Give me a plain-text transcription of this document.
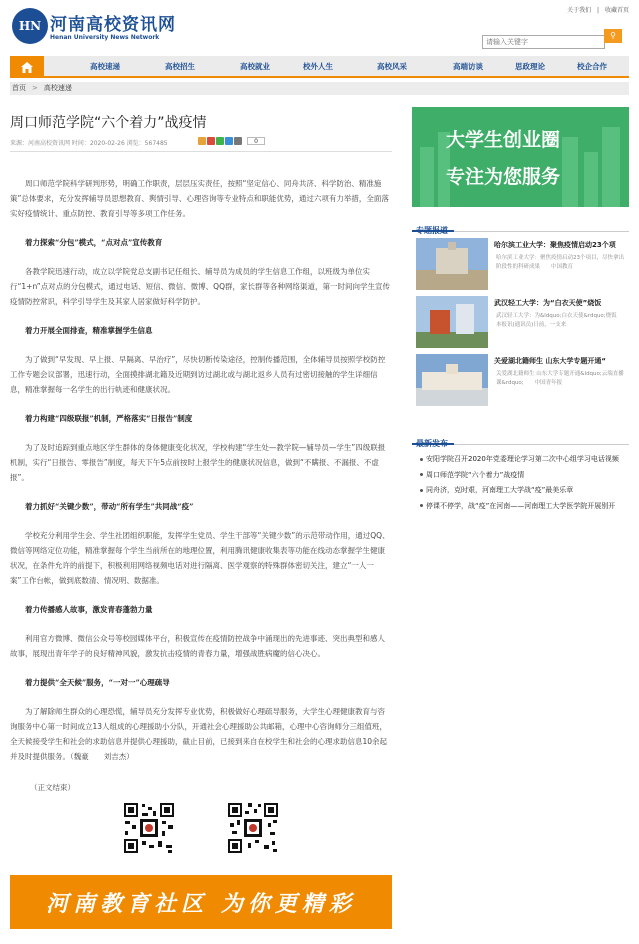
关于我们 | 收藏首页
HN 河南高校资讯网
Henan University News Network
请输入关键字	⚲
高校速递	高校招生	高校就业	校外人生	高校风采	高端访谈	思政理论	校企合作
首页 > 高校速递
周口师范学院“六个着力”战疫情
来源：河南高校资讯网 时间：2020-02-26 浏览：567485	0

周口师范学院科学研判形势，明确工作职责，层层压实责任，按照“坚定信心、同舟共济、科学防治、精准施策”总体要求，充分发挥辅导员思想教育、舆情引导、心理咨询等专业特点和职能优势，通过六项有力举措，全面落实好疫情统计、重点防控、教育引导等多项工作任务。

着力探索“分包”模式，“点对点”宣传教育

各教学院迅速行动，成立以学院党总支副书记任组长、辅导员为成员的学生信息工作组，以班级为单位实行“1+n”点对点的分包模式，通过电话、短信、微信、微博、QQ群，家长群等各种网络渠道，第一时间向学生宣传疫情防控常识，科学引导学生及其家人居家做好科学防护。

着力开展全面排查，精准掌握学生信息

为了做到“早发现、早上报、早隔离、早治疗”，尽快切断传染途径，控制传播范围，全体辅导员按照学校防控工作专题会议部署，迅速行动，全面摸排湖北籍及近期到访过湖北或与湖北返乡人员有过密切接触的学生详细信息，精准掌握每一名学生的出行轨迹和健康状况。

着力构建“四级联报”机制，严格落实“日报告”制度

为了及时追踪到重点地区学生群体的身体健康变化状况，学校构建“学生处—教学院—辅导员—学生”四级联报机制，实行“日报告、零报告”制度，每天下午5点前按时上报学生的健康状况信息，做到“不瞒报、不漏报、不虚报”。

着力抓好“关键少数”，带动“所有学生”共同战“疫”

学校充分利用学生会、学生社团组织职能，发挥学生党员、学生干部等“关键少数”的示范带动作用，通过QQ、微信等网络定位功能，精准掌握每个学生当前所在的地理位置，利用腾讯健康收集表等功能在线动态掌握学生健康状况，在条件允许的前提下，积极利用网络视频电话对进行隔离、医学观察的特殊群体密切关注，建立“一人一案”工作台帐，做到底数清、情况明、数据准。

着力传播感人故事，激发青春蓬勃力量

利用官方微博、微信公众号等校园媒体平台，积极宣传在疫情防控战争中涌现出的先进事迹、突出典型和感人故事，展现出青年学子的良好精神风貌，激发抗击疫情的青春力量，增强战胜病魔的信心决心。

着力提供“全天候”服务，“一对一”心理疏导

为了解除师生群众的心理恐慌，辅导员充分发挥专业优势，积极做好心理疏导服务，大学生心理健康教育与咨询服务中心第一时间成立13人组成的心理援助小分队，开通社会心理援助公共邮箱，心理中心咨询师分三组值班，全天候接受学生和社会的求助信息并提供心理援助，截止目前，已接到来自在校学生和社会的心理求助信息10余起并及时提供服务。（魏豪　　刘吉杰）

（正文结束）
河南教育社区 为你更精彩
大学生创业圈
专注为您服务
专题报道
哈尔滨工业大学：聚焦疫情启动23个项
哈尔滨工业大学：聚焦疫情启动23个项目，尽快拿出阶段性的科研成果　　中国教育
武汉轻工大学：为“白衣天使”烧饭
武汉轻工大学：为&ldquo;白衣天使&rdquo;烧饭　　本报讯(通讯员)日前，一支来
关爱湖北籍师生 山东大学专题开通“
关爱湖北籍师生 山东大学专题开通&ldquo;云端直播课&rdquo;　　中国青年报
最新发布
安阳学院召开2020年党委理论学习第二次中心组学习电话视频
周口师范学院“六个着力”战疫情
同舟济，克时艰，河南理工大学战“疫”最美乐章
停课不停学，战“疫”在河南——河南理工大学医学院开展别开
